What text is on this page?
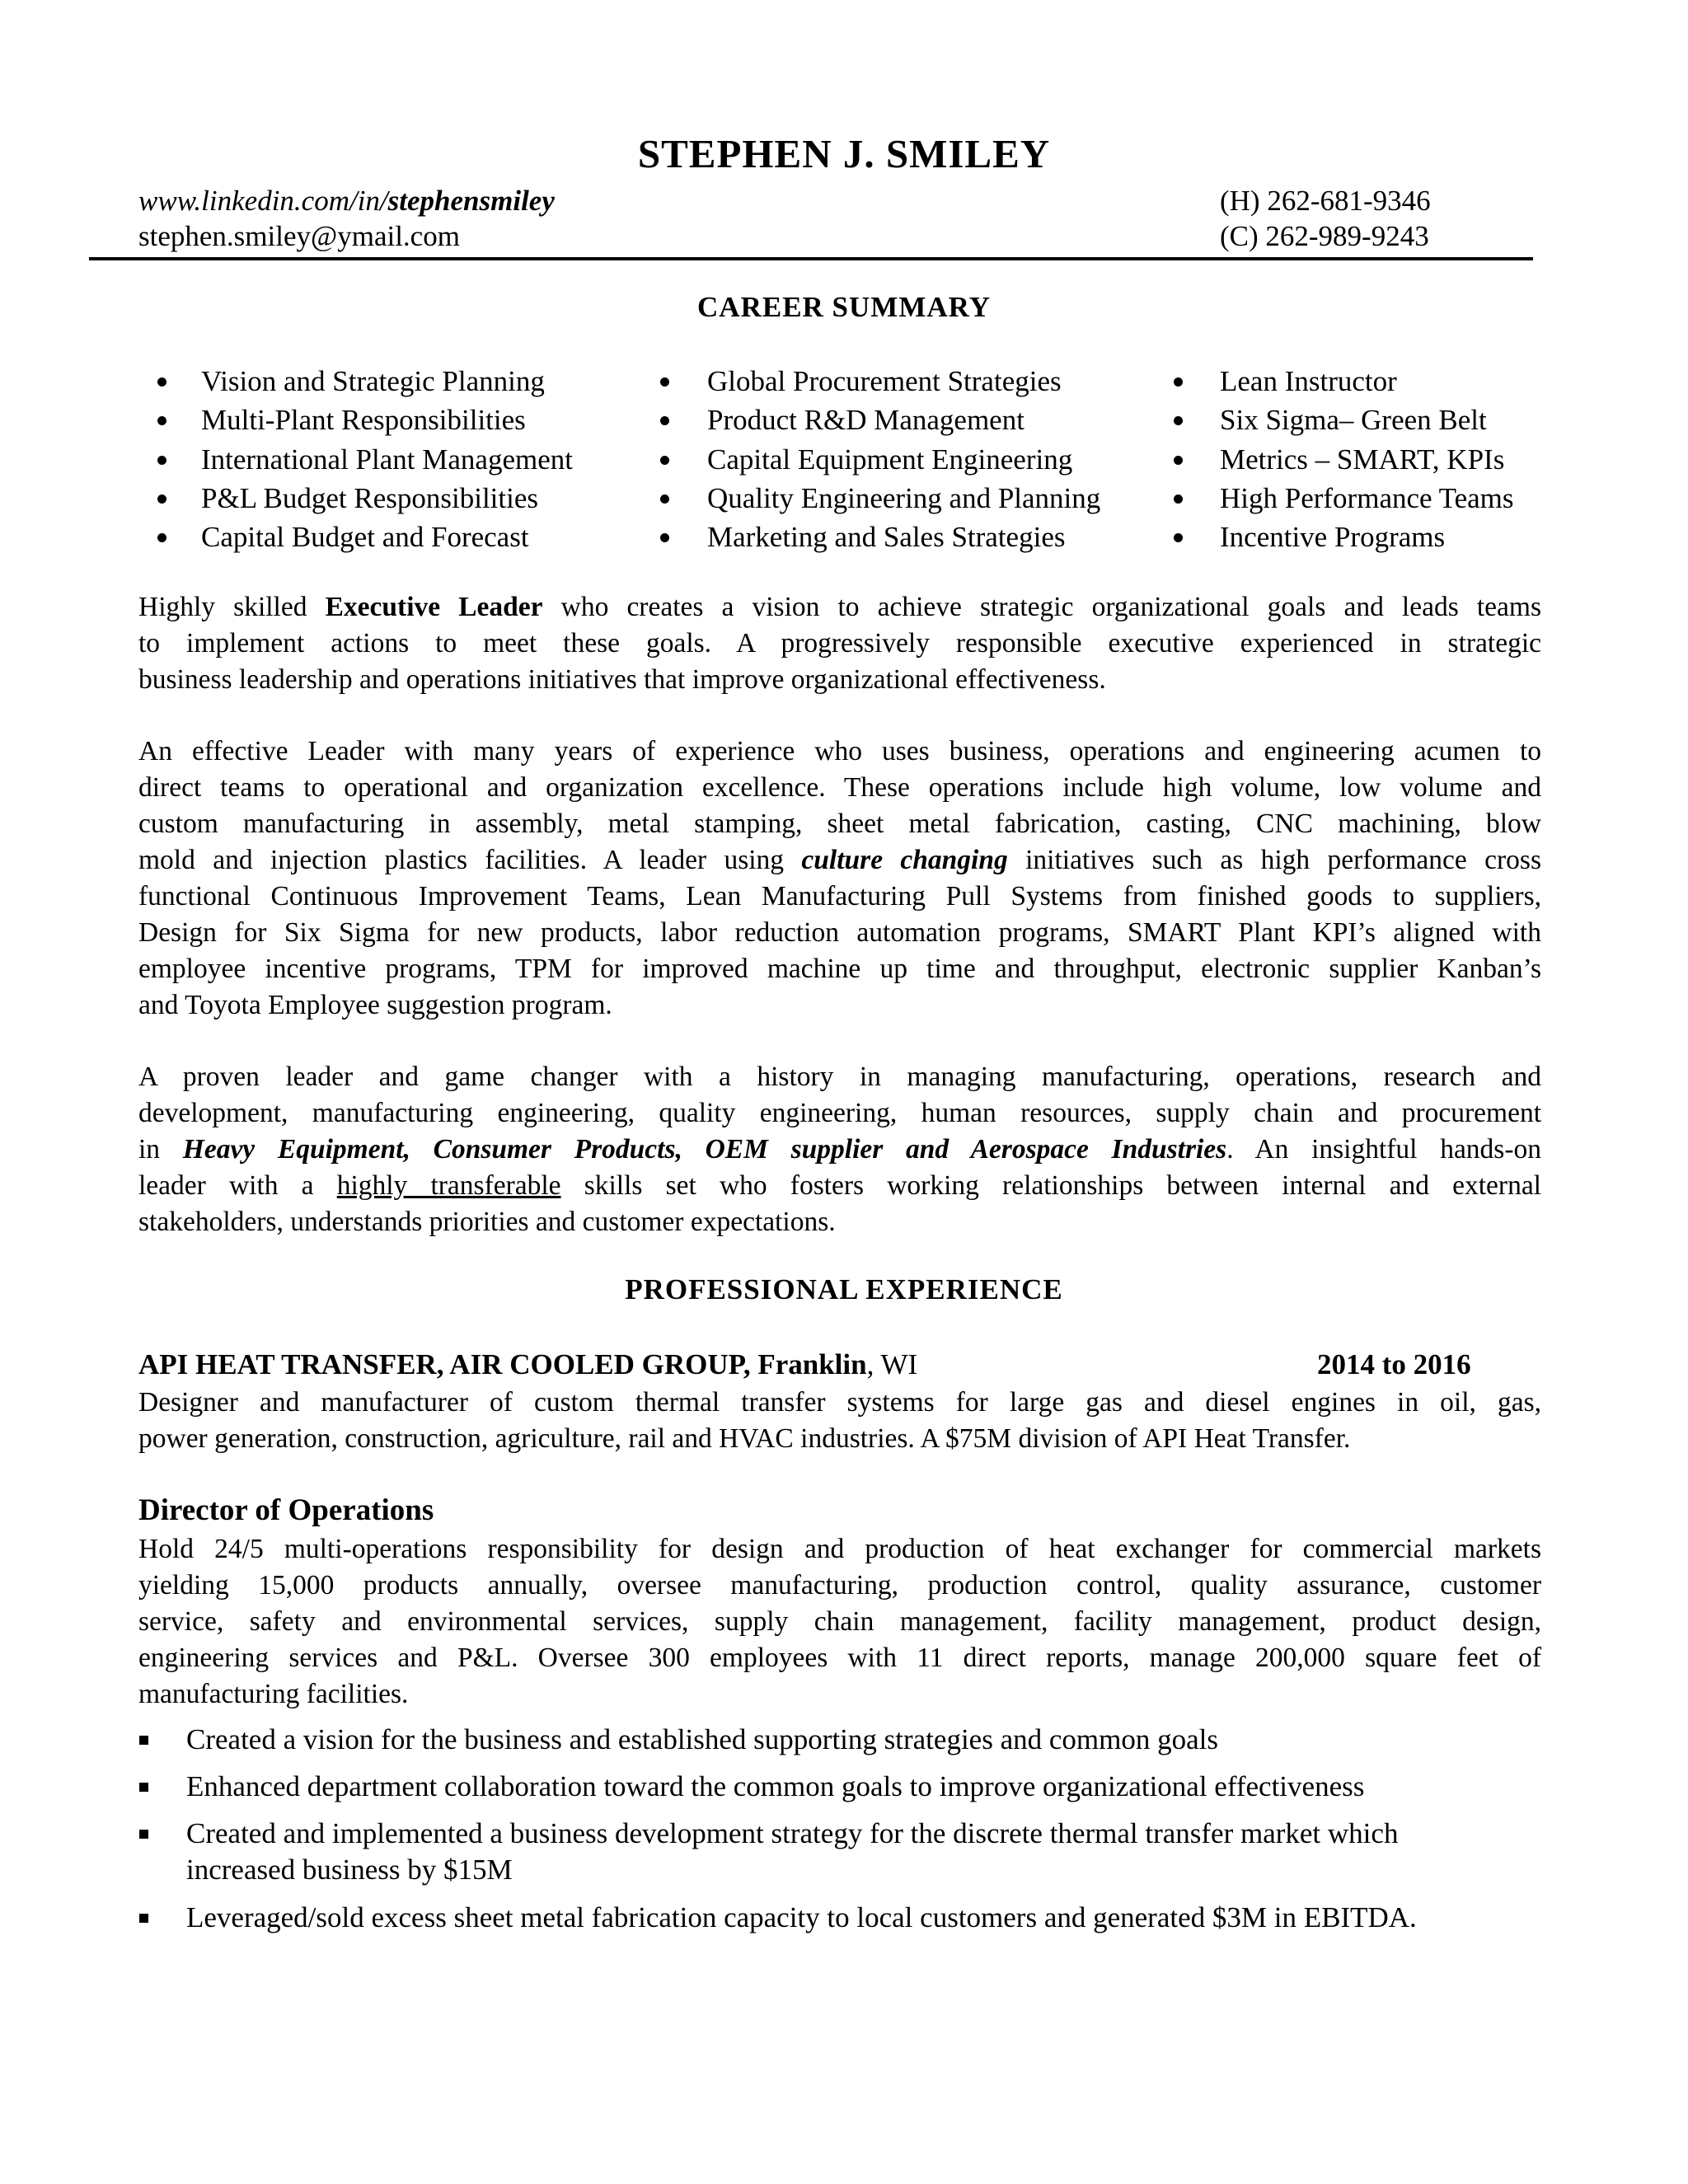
STEPHEN J. SMILEY
www.linkedin.com/in/stephensmiley
stephen.smiley@ymail.com
(H) 262-681-9346
(C) 262-989-9243
CAREER SUMMARY
Vision and Strategic Planning
Multi-Plant Responsibilities
International Plant Management
P&L Budget Responsibilities
Capital Budget and Forecast
Global Procurement Strategies
Product R&D Management
Capital Equipment Engineering
Quality Engineering and Planning
Marketing and Sales Strategies
Lean Instructor
Six Sigma– Green Belt
Metrics – SMART, KPIs
High Performance Teams
Incentive Programs
Highly skilled Executive Leader who creates a vision to achieve strategic organizational goals and leads teams
to implement actions to meet these goals. A progressively responsible executive experienced in strategic
business leadership and operations initiatives that improve organizational effectiveness.
An effective Leader with many years of experience who uses business, operations and engineering acumen to
direct teams to operational and organization excellence. These operations include high volume, low volume and
custom manufacturing in assembly, metal stamping, sheet metal fabrication, casting, CNC machining, blow
mold and injection plastics facilities. A leader using culture changing initiatives such as high performance cross
functional Continuous Improvement Teams, Lean Manufacturing Pull Systems from finished goods to suppliers,
Design for Six Sigma for new products, labor reduction automation programs, SMART Plant KPI’s aligned with
employee incentive programs, TPM for improved machine up time and throughput, electronic supplier Kanban’s
and Toyota Employee suggestion program.
A proven leader and game changer with a history in managing manufacturing, operations, research and
development, manufacturing engineering, quality engineering, human resources, supply chain and procurement
in Heavy Equipment, Consumer Products, OEM supplier and Aerospace Industries. An insightful hands-on
leader with a highly transferable skills set who fosters working relationships between internal and external
stakeholders, understands priorities and customer expectations.
PROFESSIONAL EXPERIENCE
API HEAT TRANSFER, AIR COOLED GROUP, Franklin, WI	2014 to 2016
Designer and manufacturer of custom thermal transfer systems for large gas and diesel engines in oil, gas,
power generation, construction, agriculture, rail and HVAC industries. A $75M division of API Heat Transfer.
Director of Operations
Hold 24/5 multi-operations responsibility for design and production of heat exchanger for commercial markets
yielding 15,000 products annually, oversee manufacturing, production control, quality assurance, customer
service, safety and environmental services, supply chain management, facility management, product design,
engineering services and P&L. Oversee 300 employees with 11 direct reports, manage 200,000 square feet of
manufacturing facilities.
Created a vision for the business and established supporting strategies and common goals
Enhanced department collaboration toward the common goals to improve organizational effectiveness
Created and implemented a business development strategy for the discrete thermal transfer market which
increased business by $15M
Leveraged/sold excess sheet metal fabrication capacity to local customers and generated $3M in EBITDA.
